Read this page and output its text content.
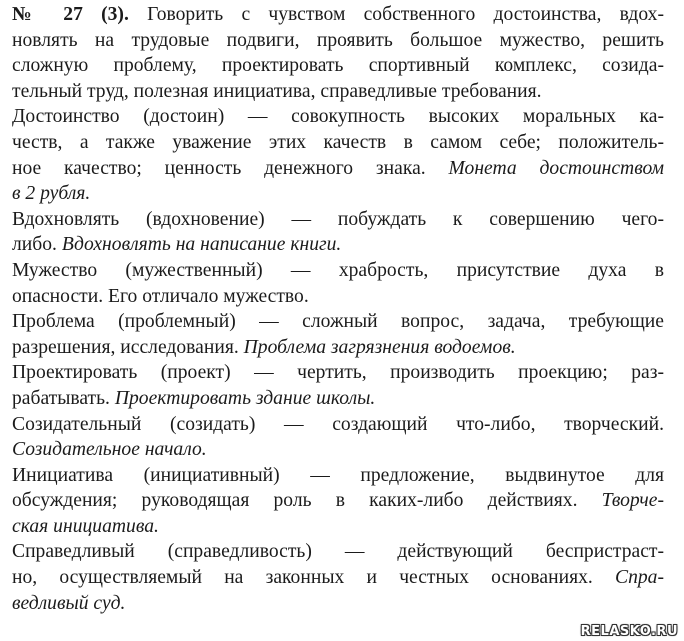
№ 27 (3). Говорить с чувством собственного достоинства, вдох-
новлять на трудовые подвиги, проявить большое мужество, решить
сложную проблему, проектировать спортивный комплекс, созида-
тельный труд, полезная инициатива, справедливые требования.
Достоинство (достоин) — совокупность высоких моральных ка-
честв, а также уважение этих качеств в самом себе; положитель-
ное качество; ценность денежного знака. Монета достоинством
в 2 рубля.
Вдохновлять (вдохновение) — побуждать к совершению чего-
либо. Вдохновлять на написание книги.
Мужество (мужественный) — храбрость, присутствие духа в
опасности. Его отличало мужество.
Проблема (проблемный) — сложный вопрос, задача, требующие
разрешения, исследования. Проблема загрязнения водоемов.
Проектировать (проект) — чертить, производить проекцию; раз-
рабатывать. Проектировать здание школы.
Созидательный (созидать) — создающий что-либо, творческий.
Созидательное начало.
Инициатива (инициативный) — предложение, выдвинутое для
обсуждения; руководящая роль в каких-либо действиях. Творче-
ская инициатива.
Справедливый (справедливость) — действующий беспристраст-
но, осуществляемый на законных и честных основаниях. Спра-
ведливый суд.
RELASKO.RU
